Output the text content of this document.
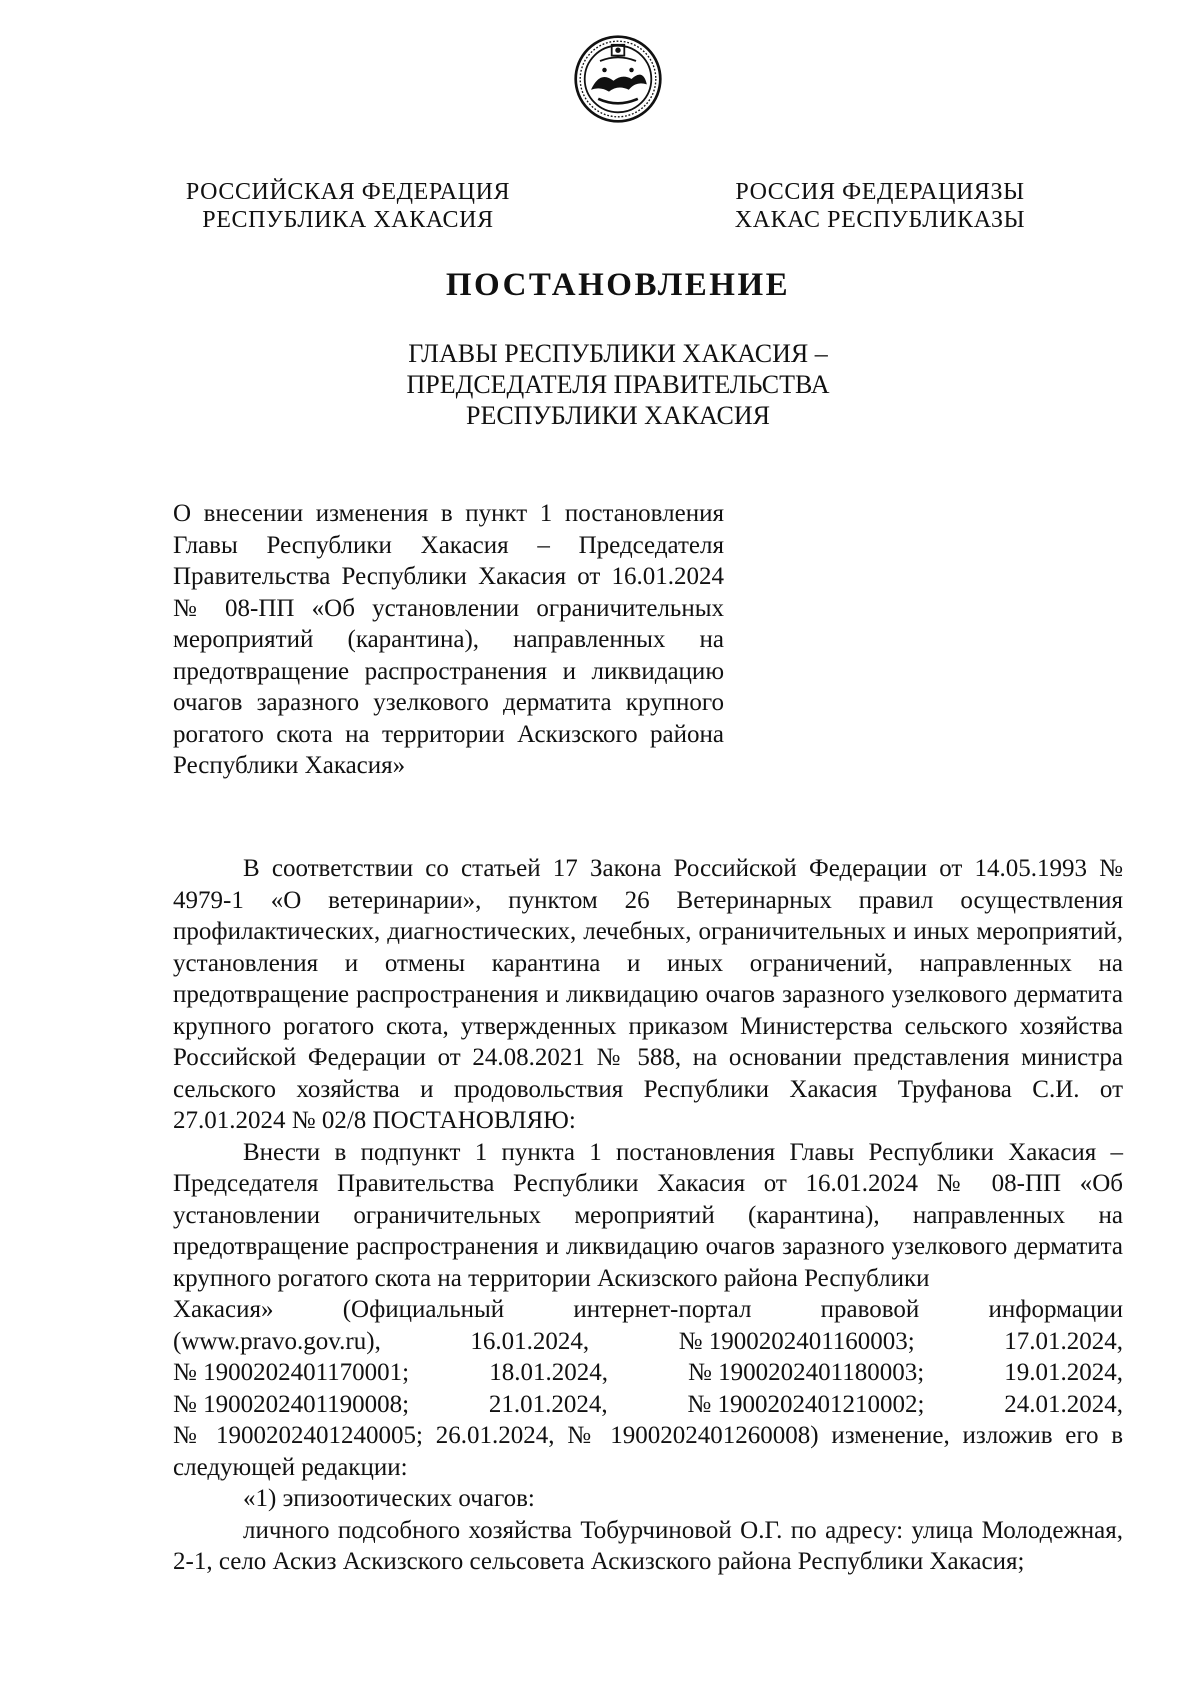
РОССИЙСКАЯ ФЕДЕРАЦИЯ
РЕСПУБЛИКА ХАКАСИЯ
РОССИЯ ФЕДЕРАЦИЯЗЫ
ХАКАС РЕСПУБЛИКАЗЫ
ПОСТАНОВЛЕНИЕ
ГЛАВЫ РЕСПУБЛИКИ ХАКАСИЯ –
ПРЕДСЕДАТЕЛЯ ПРАВИТЕЛЬСТВА
РЕСПУБЛИКИ ХАКАСИЯ
О внесении изменения в пункт 1 постановления Главы Республики Хакасия – Председателя Правительства Республики Хакасия от 16.01.2024 № 08-ПП «Об установлении ограничительных мероприятий (карантина), направленных на предотвращение распространения и ликвидацию очагов заразного узелкового дерматита крупного рогатого скота на территории Аскизского района Республики Хакасия»

В соответствии со статьей 17 Закона Российской Федерации от 14.05.1993 № 4979-1 «О ветеринарии», пунктом 26 Ветеринарных правил осуществления профилактических, диагностических, лечебных, ограничительных и иных мероприятий, установления и отмены карантина и иных ограничений, направленных на предотвращение распространения и ликвидацию очагов заразного узелкового дерматита крупного рогатого скота, утвержденных приказом Министерства сельского хозяйства Российской Федерации от 24.08.2021 № 588, на основании представления министра сельского хозяйства и продовольствия Республики Хакасия Труфанова С.И. от 27.01.2024 № 02/8 ПОСТАНОВЛЯЮ:

Внести в подпункт 1 пункта 1 постановления Главы Республики Хакасия – Председателя Правительства Республики Хакасия от 16.01.2024 № 08-ПП «Об установлении ограничительных мероприятий (карантина), направленных на предотвращение распространения и ликвидацию очагов заразного узелкового дерматита крупного рогатого скота на территории Аскизского района Республики

Хакасия»	(Официальный	интернет-портал	правовой	информации
(www.pravo.gov.ru),	16.01.2024,	№ 1900202401160003;	17.01.2024,
№ 1900202401170001;	18.01.2024,	№ 1900202401180003;	19.01.2024,
№ 1900202401190008;	21.01.2024,	№ 1900202401210002;	24.01.2024,
№ 1900202401240005; 26.01.2024, № 1900202401260008) изменение, изложив его в следующей редакции:

«1) эпизоотических очагов:

личного подсобного хозяйства Тобурчиновой О.Г. по адресу: улица Молодежная, 2-1, село Аскиз Аскизского сельсовета Аскизского района Республики Хакасия;
